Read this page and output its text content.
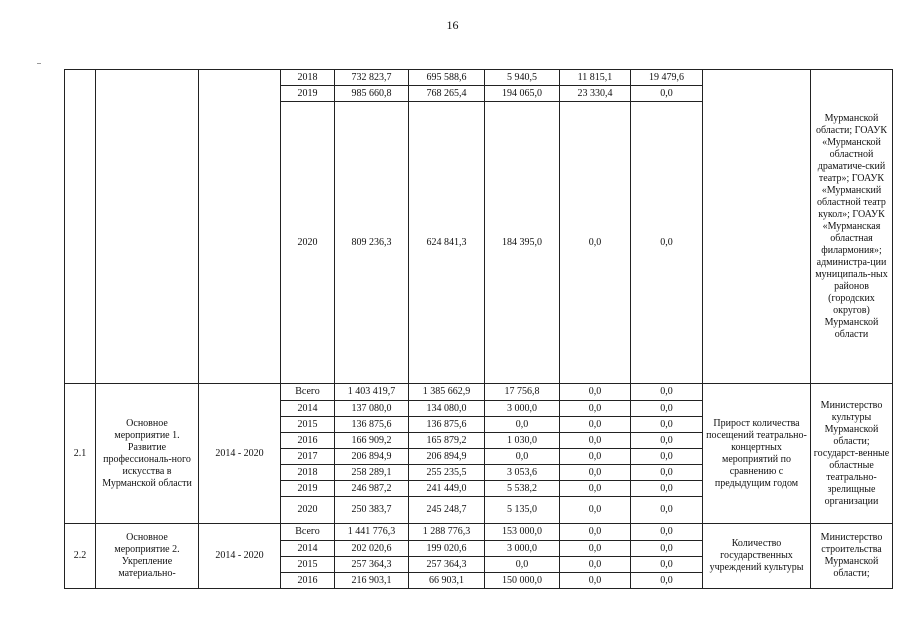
16
			2018	732 823,7	695 588,6	5 940,5	11 815,1	19 479,6		Мурманской области; ГОАУК «Мурманской областной драматиче-ский театр»; ГОАУК «Мурманский областной театр кукол»; ГОАУК «Мурманская областная филармония»; администра-ции муниципаль-ных районов (городских округов) Мурманской области
			2019	985 660,8	768 265,4	194 065,0	23 330,4	0,0		
			2020	809 236,3	624 841,3	184 395,0	0,0	0,0		
2.1	Основное мероприятие 1. Развитие профессиональ-ного искусства в Мурманской области	2014 - 2020	Всего	1 403 419,7	1 385 662,9	17 756,8	0,0	0,0	Прирост количества посещений театрально-концертных мероприятий по сравнению с предыдущим годом	Министерство культуры Мурманской области; государст-венные областные театрально-зрелищные организации
			2014	137 080,0	134 080,0	3 000,0	0,0	0,0		
			2015	136 875,6	136 875,6	0,0	0,0	0,0		
			2016	166 909,2	165 879,2	1 030,0	0,0	0,0		
			2017	206 894,9	206 894,9	0,0	0,0	0,0		
			2018	258 289,1	255 235,5	3 053,6	0,0	0,0		
			2019	246 987,2	241 449,0	5 538,2	0,0	0,0		
			2020	250 383,7	245 248,7	5 135,0	0,0	0,0		
2.2	Основное мероприятие 2. Укрепление материально-	2014 - 2020	Всего	1 441 776,3	1 288 776,3	153 000,0	0,0	0,0	Количество государственных учреждений культуры	Министерство строительства Мурманской области;
			2014	202 020,6	199 020,6	3 000,0	0,0	0,0		
			2015	257 364,3	257 364,3	0,0	0,0	0,0		
			2016	216 903,1	66 903,1	150 000,0	0,0	0,0		
